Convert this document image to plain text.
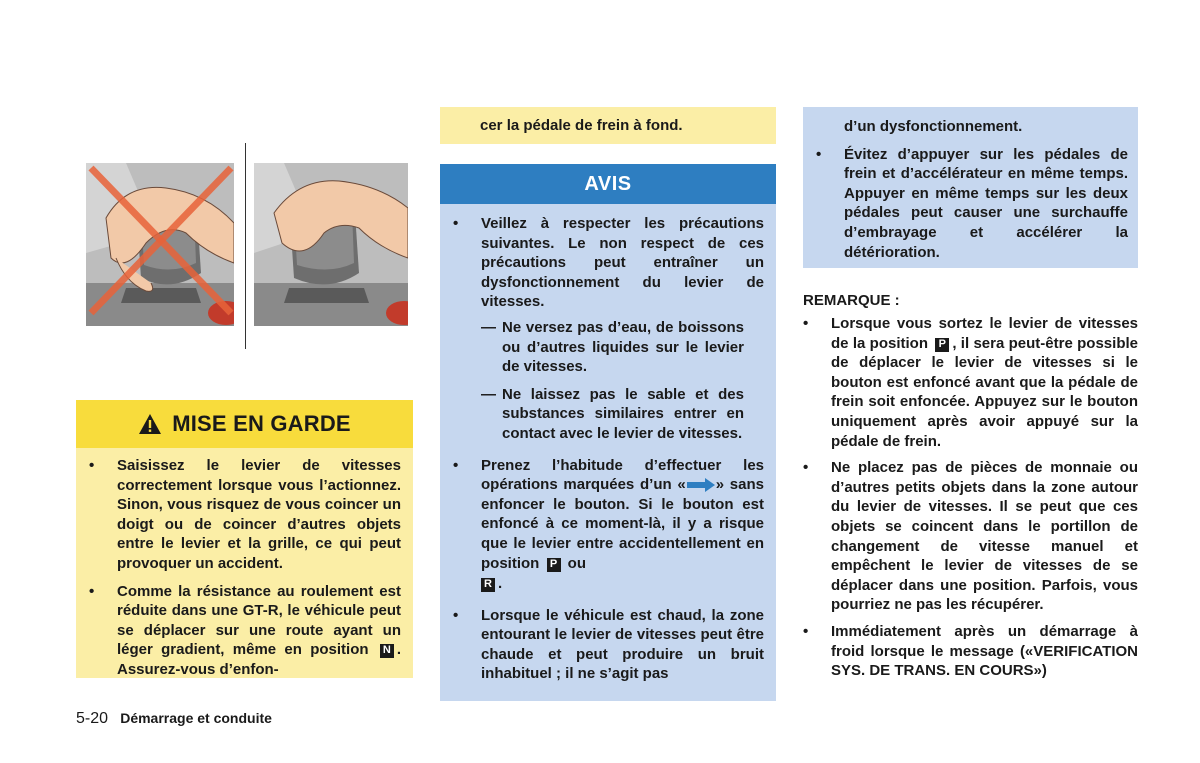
MISE EN GARDE
• Saisissez le levier de vitesses correctement lorsque vous l’actionnez. Sinon, vous risquez de vous coincer un doigt ou de coincer d’autres objets entre le levier et la grille, ce qui peut provoquer un accident.
• Comme la résistance au roulement est réduite dans une GT-R, le véhicule peut se déplacer sur une route ayant un léger gradient, même en position N . Assurez-vous d’enfon-
cer la pédale de frein à fond.
AVIS
• Veillez à respecter les précautions suivantes. Le non respect de ces précautions peut entraîner un dysfonctionnement du levier de vitesses.
— Ne versez pas d’eau, de boissons ou d’autres liquides sur le levier de vitesses.
— Ne laissez pas le sable et des substances similaires entrer en contact avec le levier de vitesses.
• Prenez l’habitude d’effectuer les opérations marquées d’un « » sans enfoncer le bouton. Si le bouton est enfoncé à ce moment-là, il y a risque que le levier entre accidentellement en position P ou
R .
• Lorsque le véhicule est chaud, la zone entourant le levier de vitesses peut être chaude et peut produire un bruit inhabituel ; il ne s’agit pas
d’un dysfonctionnement.
• Évitez d’appuyer sur les pédales de frein et d’accélérateur en même temps. Appuyer en même temps sur les deux pédales peut causer une surchauffe d’embrayage et accélérer la détérioration.
REMARQUE :
• Lorsque vous sortez le levier de vitesses de la position P , il sera peut-être possible de déplacer le levier de vitesses si le bouton est enfoncé avant que la pédale de frein soit enfoncée. Appuyez sur le bouton uniquement après avoir appuyé sur la pédale de frein.
• Ne placez pas de pièces de monnaie ou d’autres petits objets dans la zone autour du levier de vitesses. Il se peut que ces objets se coincent dans le portillon de changement de vitesse manuel et empêchent le levier de vitesses de se déplacer dans une position. Parfois, vous pourriez ne pas les récupérer.
• Immédiatement après un démarrage à froid lorsque le message («VERIFICATION SYS. DE TRANS. EN COURS»)
5-20 Démarrage et conduite
